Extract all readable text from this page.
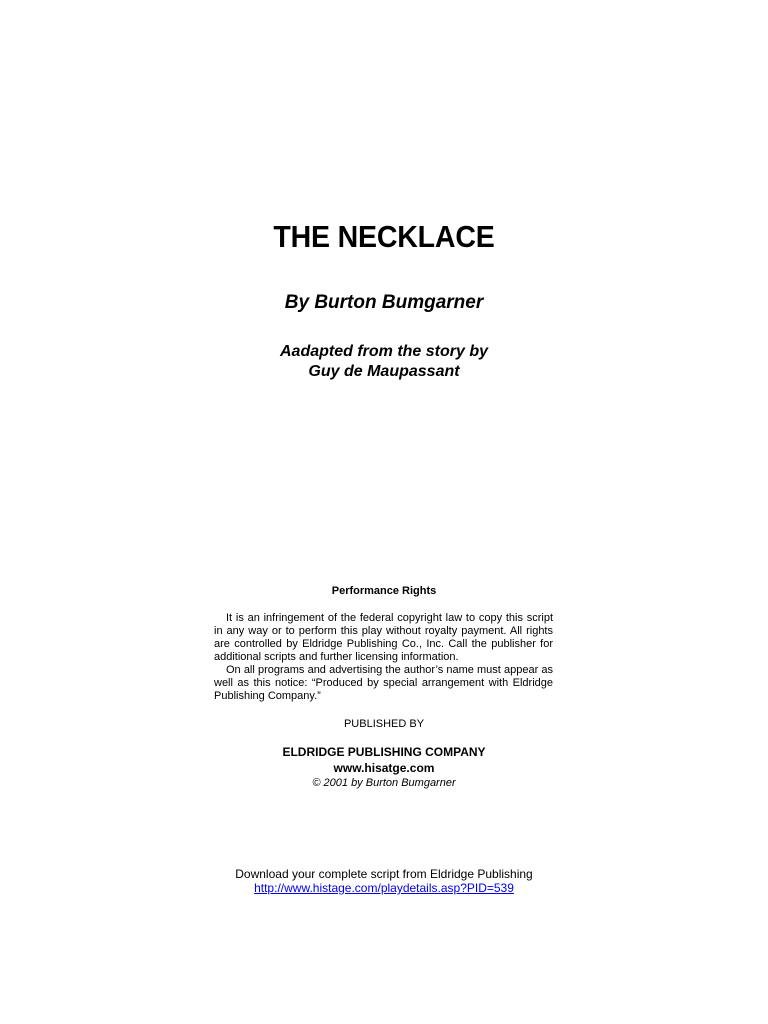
THE NECKLACE
By Burton Bumgarner
Aadapted from the story by
Guy de Maupassant
Performance Rights

It is an infringement of the federal copyright law to copy this script in any way or to perform this play without royalty payment. All rights are controlled by Eldridge Publishing Co., Inc. Call the publisher for additional scripts and further licensing information.

On all programs and advertising the author’s name must appear as well as this notice: “Produced by special arrangement with Eldridge Publishing Company.”

PUBLISHED BY
ELDRIDGE PUBLISHING COMPANY
www.hisatge.com
© 2001 by Burton Bumgarner
Download your complete script from Eldridge Publishing
http://www.histage.com/playdetails.asp?PID=539
